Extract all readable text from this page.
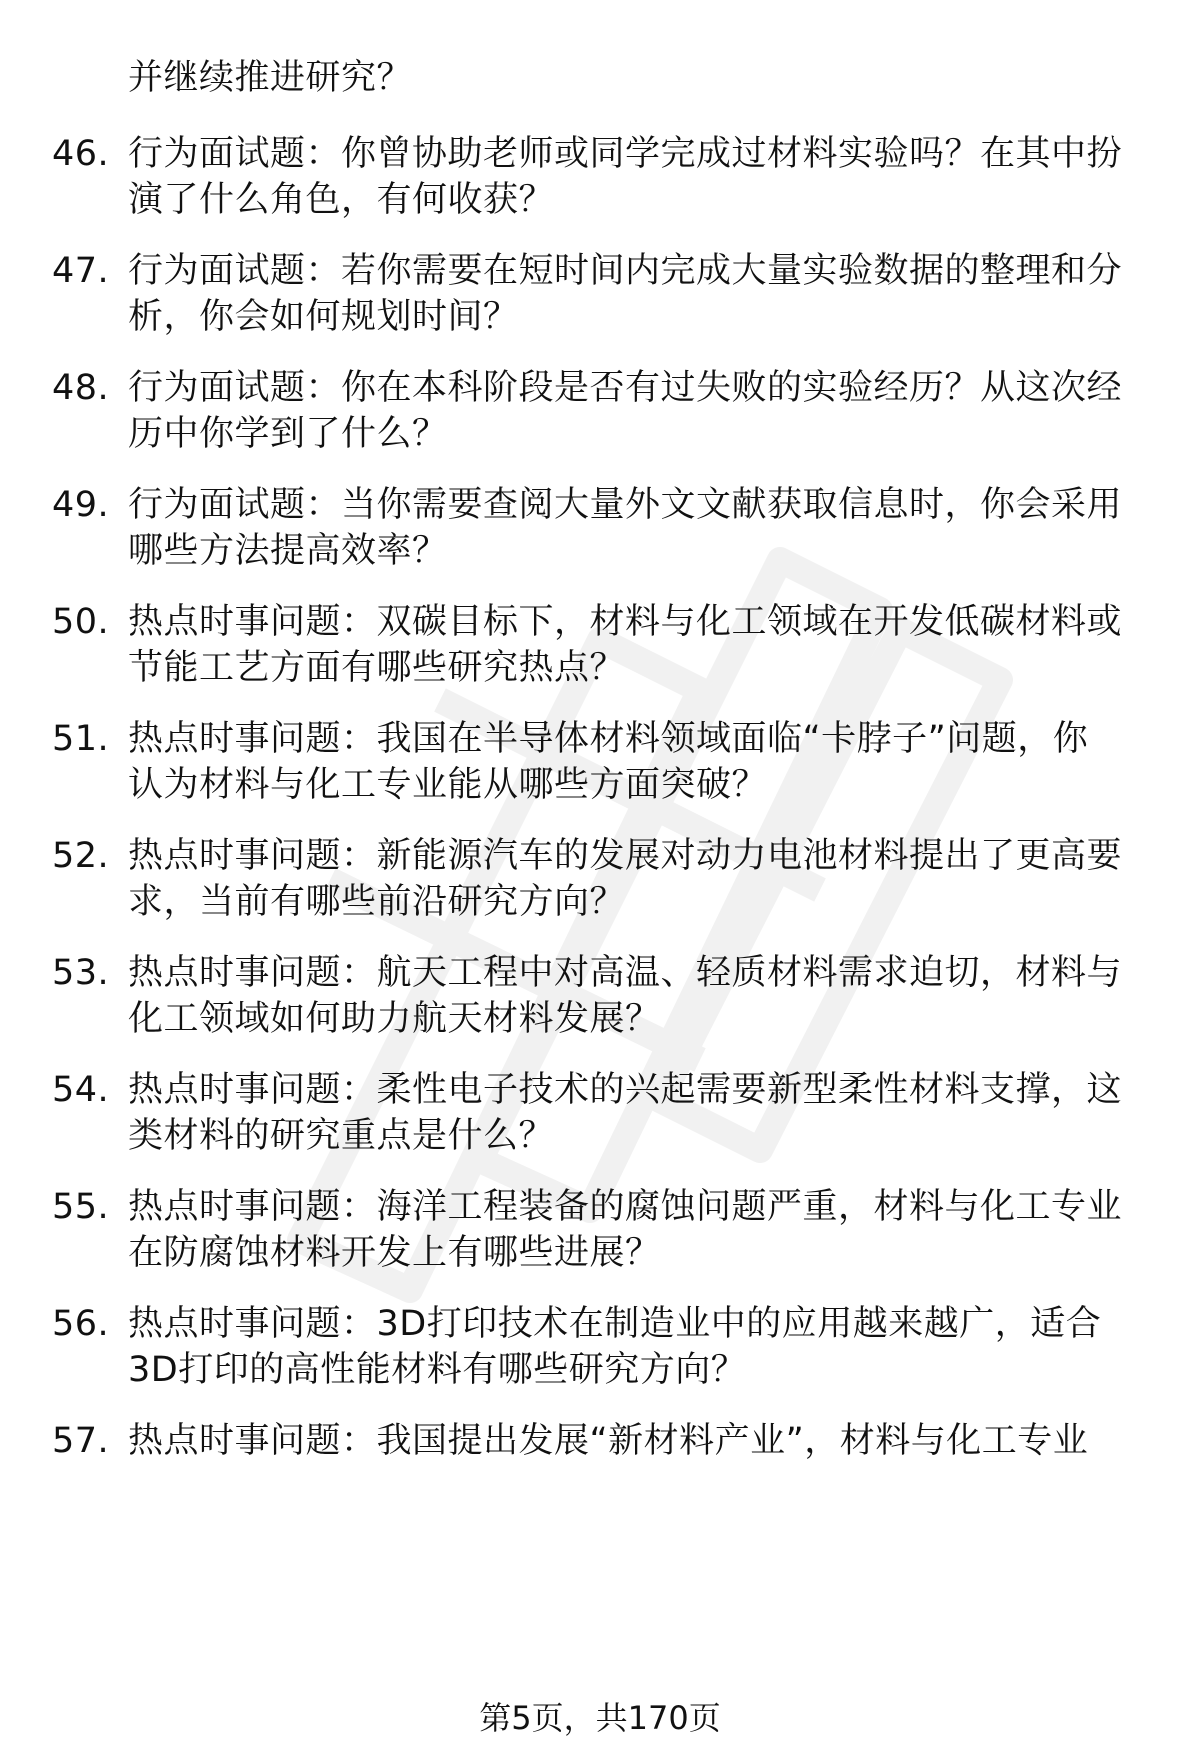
并继续推进研究？
46. 行为面试题：你曾协助老师或同学完成过材料实验吗？在其中扮
演了什么角色，有何收获？
47. 行为面试题：若你需要在短时间内完成大量实验数据的整理和分
析，你会如何规划时间？
48. 行为面试题：你在本科阶段是否有过失败的实验经历？从这次经
历中你学到了什么？
49. 行为面试题：当你需要查阅大量外文文献获取信息时，你会采用
哪些方法提高效率？
50. 热点时事问题：双碳目标下，材料与化工领域在开发低碳材料或
节能工艺方面有哪些研究热点？
51. 热点时事问题：我国在半导体材料领域面临“卡脖子”问题，你
认为材料与化工专业能从哪些方面突破？
52. 热点时事问题：新能源汽车的发展对动力电池材料提出了更高要
求，当前有哪些前沿研究方向？
53. 热点时事问题：航天工程中对高温、轻质材料需求迫切，材料与
化工领域如何助力航天材料发展？
54. 热点时事问题：柔性电子技术的兴起需要新型柔性材料支撑，这
类材料的研究重点是什么？
55. 热点时事问题：海洋工程装备的腐蚀问题严重，材料与化工专业
在防腐蚀材料开发上有哪些进展？
56. 热点时事问题：3D打印技术在制造业中的应用越来越广，适合
3D打印的高性能材料有哪些研究方向？
57. 热点时事问题：我国提出发展“新材料产业”，材料与化工专业
第5页，共170页
